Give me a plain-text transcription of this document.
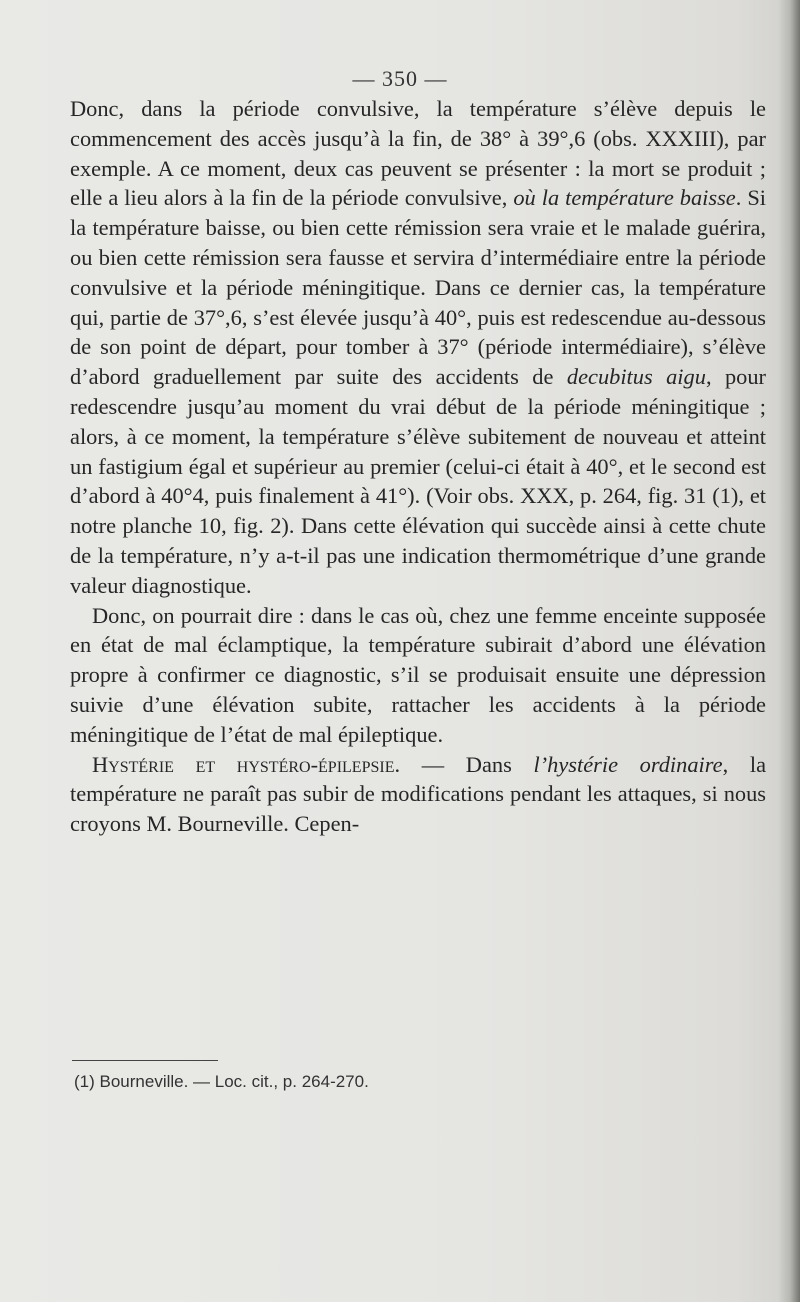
— 350 —

Donc, dans la période convulsive, la température s’élève depuis le commencement des accès jusqu’à la fin, de 38° à 39°,6 (obs. XXXIII), par exemple. A ce moment, deux cas peuvent se présenter : la mort se produit ; elle a lieu alors à la fin de la période convulsive, où la température baisse. Si la température baisse, ou bien cette rémission sera vraie et le malade guérira, ou bien cette rémission sera fausse et servira d’intermédiaire entre la période convulsive et la période méningitique. Dans ce dernier cas, la température qui, partie de 37°,6, s’est élevée jusqu’à 40°, puis est redescendue au-dessous de son point de départ, pour tomber à 37° (période intermédiaire), s’élève d’abord graduellement par suite des accidents de decubitus aigu, pour redescendre jusqu’au moment du vrai début de la période méningitique ; alors, à ce moment, la température s’élève subitement de nouveau et atteint un fastigium égal et supérieur au premier (celui-ci était à 40°, et le second est d’abord à 40°4, puis finalement à 41°). (Voir obs. XXX, p. 264, fig. 31 (1), et notre planche 10, fig. 2). Dans cette élévation qui succède ainsi à cette chute de la température, n’y a-t-il pas une indication thermométrique d’une grande valeur diagnostique.

Donc, on pourrait dire : dans le cas où, chez une femme enceinte supposée en état de mal éclamptique, la température subirait d’abord une élévation propre à confirmer ce diagnostic, s’il se produisait ensuite une dépression suivie d’une élévation subite, rattacher les accidents à la période méningitique de l’état de mal épileptique.

Hystérie et hystéro-épilepsie. — Dans l’hystérie ordinaire, la température ne paraît pas subir de modifications pendant les attaques, si nous croyons M. Bourneville. Cepen-

(1) Bourneville. — Loc. cit., p. 264-270.
